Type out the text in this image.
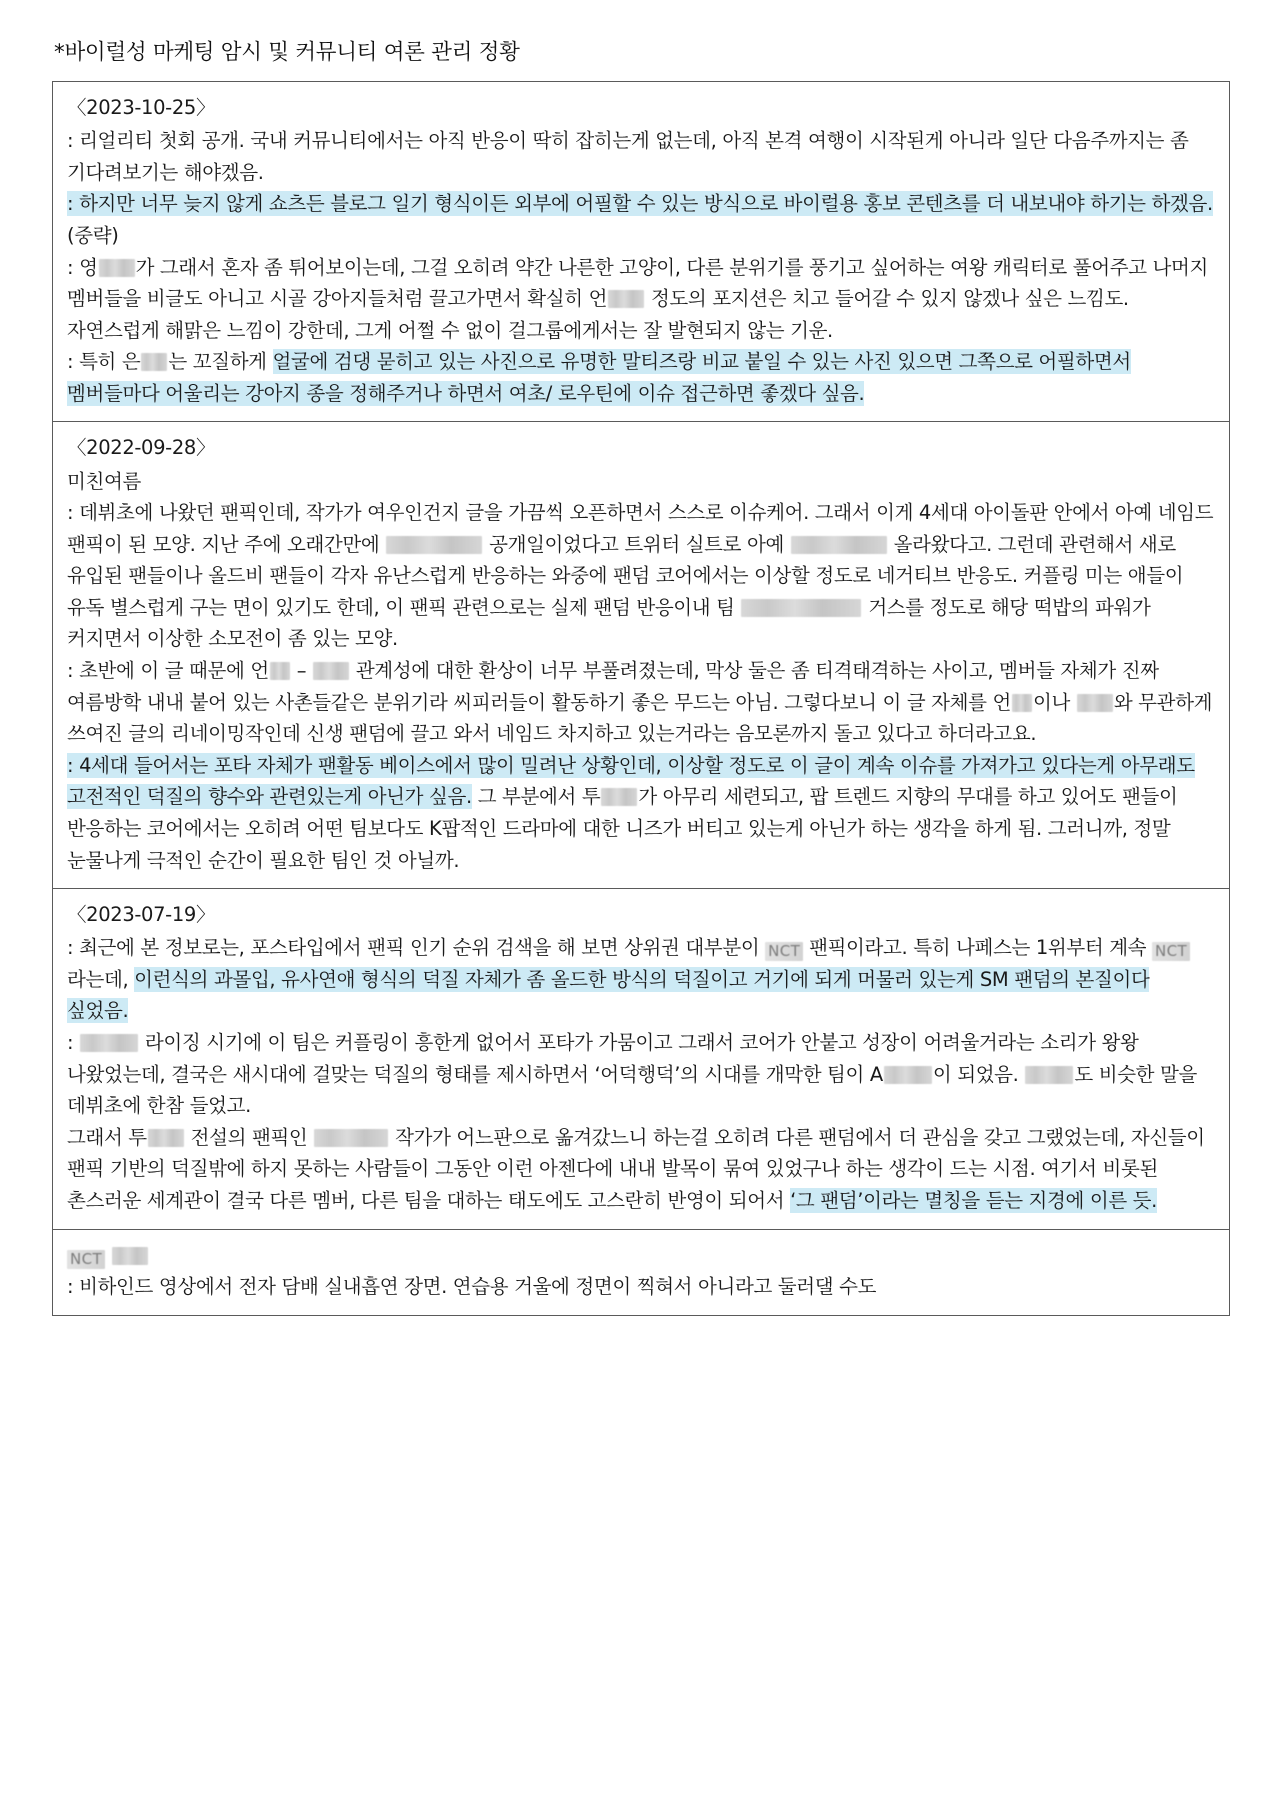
*바이럴성 마케팅 암시 및 커뮤니티 여론 관리 정황

〈2023-10-25〉

: 리얼리티 첫회 공개. 국내 커뮤니티에서는 아직 반응이 딱히 잡히는게 없는데, 아직 본격 여행이 시작된게 아니라 일단 다음주까지는 좀 기다려보기는 해야겠음.

: 하지만 너무 늦지 않게 쇼츠든 블로그 일기 형식이든 외부에 어필할 수 있는 방식으로 바이럴용 홍보 콘텐츠를 더 내보내야 하기는 하겠음. (중략)

: 영 가 그래서 혼자 좀 튀어보이는데, 그걸 오히려 약간 나른한 고양이, 다른 분위기를 풍기고 싶어하는 여왕 캐릭터로 풀어주고 나머지 멤버들을 비글도 아니고 시골 강아지들처럼 끌고가면서 확실히 언 정도의 포지션은 치고 들어갈 수 있지 않겠나 싶은 느낌도. 자연스럽게 해맑은 느낌이 강한데, 그게 어쩔 수 없이 걸그룹에게서는 잘 발현되지 않는 기운.

: 특히 은 는 꼬질하게 얼굴에 검댕 묻히고 있는 사진으로 유명한 말티즈랑 비교 붙일 수 있는 사진 있으면 그쪽으로 어필하면서 멤버들마다 어울리는 강아지 종을 정해주거나 하면서 여초/ 로우틴에 이슈 접근하면 좋겠다 싶음.

〈2022-09-28〉

미친여름

: 데뷔초에 나왔던 팬픽인데, 작가가 여우인건지 글을 가끔씩 오픈하면서 스스로 이슈케어. 그래서 이게 4세대 아이돌판 안에서 아예 네임드 팬픽이 된 모양. 지난 주에 오래간만에	공개일이었다고 트위터 실트로 아예	올라왔다고. 그런데 관련해서 새로 유입된 팬들이나 올드비 팬들이 각자 유난스럽게 반응하는 와중에 팬덤 코어에서는 이상할 정도로 네거티브 반응도. 커플링 미는 애들이 유독 별스럽게 구는 면이 있기도 한데, 이 팬픽 관련으로는 실제 팬덤 반응이내 팀	거스를 정도로 해당 떡밥의 파워가 커지면서 이상한 소모전이 좀 있는 모양.

: 초반에 이 글 때문에 언 –  관계성에 대한 환상이 너무 부풀려졌는데, 막상 둘은 좀 티격태격하는 사이고, 멤버들 자체가 진짜 여름방학 내내 붙어 있는 사촌들같은 분위기라 씨피러들이 활동하기 좋은 무드는 아님. 그렇다보니 이 글 자체를 언 이나 와 무관하게 쓰여진 글의 리네이밍작인데 신생 팬덤에 끌고 와서 네임드 차지하고 있는거라는 음모론까지 돌고 있다고 하더라고요.

: 4세대 들어서는 포타 자체가 팬활동 베이스에서 많이 밀려난 상황인데, 이상할 정도로 이 글이 계속 이슈를 가져가고 있다는게 아무래도 고전적인 덕질의 향수와 관련있는게 아닌가 싶음. 그 부분에서 투 가 아무리 세련되고, 팝 트렌드 지향의 무대를 하고 있어도 팬들이 반응하는 코어에서는 오히려 어떤 팀보다도 K팝적인 드라마에 대한 니즈가 버티고 있는게 아닌가 하는 생각을 하게 됨. 그러니까, 정말 눈물나게 극적인 순간이 필요한 팀인 것 아닐까.

〈2023-07-19〉

: 최근에 본 정보로는, 포스타입에서 팬픽 인기 순위 검색을 해 보면 상위권 대부분이 NCT 팬픽이라고. 특히 나페스는 1위부터 계속 NCT라는데, 이런식의 과몰입, 유사연애 형식의 덕질 자체가 좀 올드한 방식의 덕질이고 거기에 되게 머물러 있는게 SM 팬덤의 본질이다 싶었음.

:	라이징 시기에 이 팀은 커플링이 흥한게 없어서 포타가 가뭄이고 그래서 코어가 안붙고 성장이 어려울거라는 소리가 왕왕 나왔었는데, 결국은 새시대에 걸맞는 덕질의 형태를 제시하면서 ‘어덕행덕’의 시대를 개막한 팀이 A	이 되었음.	도 비슷한 말을 데뷔초에 한참 들었고.

그래서 투 전설의 팬픽인	작가가 어느판으로 옮겨갔느니 하는걸 오히려 다른 팬덤에서 더 관심을 갖고 그랬었는데, 자신들이 팬픽 기반의 덕질밖에 하지 못하는 사람들이 그동안 이런 아젠다에 내내 발목이 묶여 있었구나 하는 생각이 드는 시점. 여기서 비롯된 촌스러운 세계관이 결국 다른 멤버, 다른 팀을 대하는 태도에도 고스란히 반영이 되어서 ‘그 팬덤’이라는 멸칭을 듣는 지경에 이른 듯.

NCT

: 비하인드 영상에서 전자 담배 실내흡연 장면. 연습용 거울에 정면이 찍혀서 아니라고 둘러댈 수도
